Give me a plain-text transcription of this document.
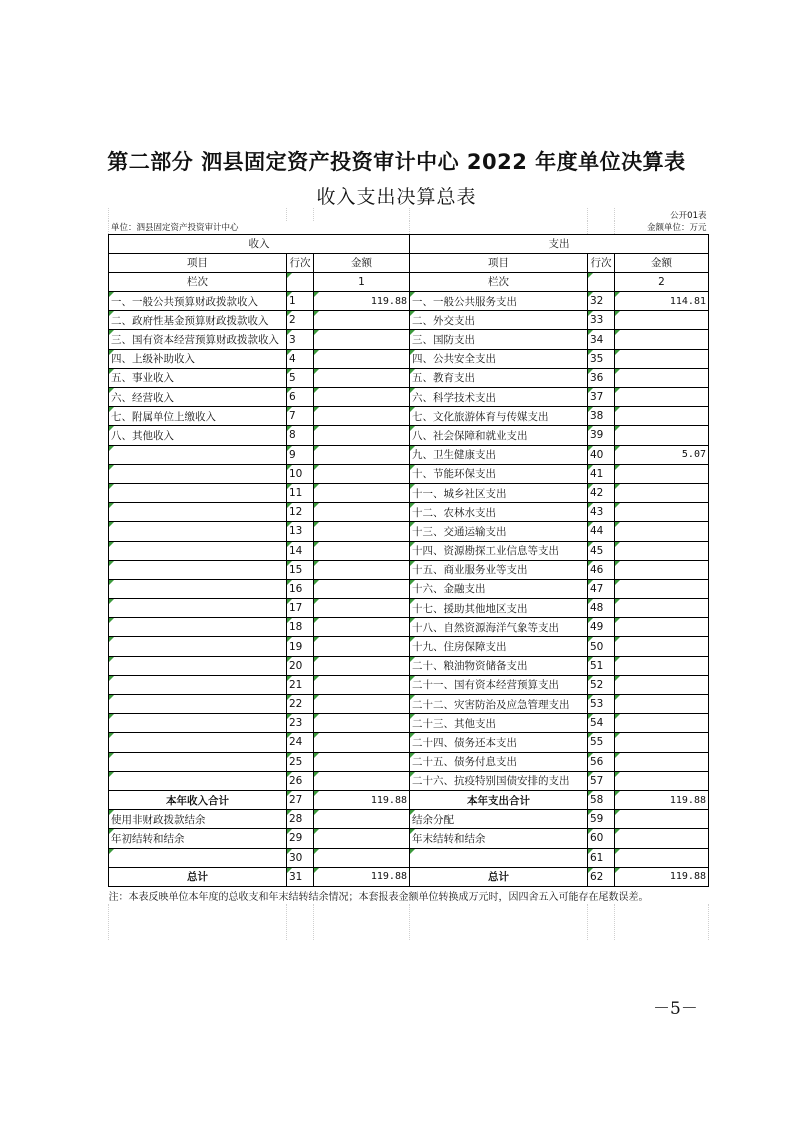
第二部分 泗县固定资产投资审计中心 2022 年度单位决算表
收入支出决算总表
					公开01表
单位：泗县固定资产投资审计中心					金额单位：万元
收入			支出		
项目	行次	金额	项目	行次	金额
栏次		1	栏次		2
一、一般公共预算财政拨款收入	1	119.88	一、一般公共服务支出	32	114.81
二、政府性基金预算财政拨款收入	2		二、外交支出	33	
三、国有资本经营预算财政拨款收入	3		三、国防支出	34	
四、上级补助收入	4		四、公共安全支出	35	
五、事业收入	5		五、教育支出	36	
六、经营收入	6		六、科学技术支出	37	
七、附属单位上缴收入	7		七、文化旅游体育与传媒支出	38	
八、其他收入	8		八、社会保障和就业支出	39	
	9		九、卫生健康支出	40	5.07
	10		十、节能环保支出	41	
	11		十一、城乡社区支出	42	
	12		十二、农林水支出	43	
	13		十三、交通运输支出	44	
	14		十四、资源勘探工业信息等支出	45	
	15		十五、商业服务业等支出	46	
	16		十六、金融支出	47	
	17		十七、援助其他地区支出	48	
	18		十八、自然资源海洋气象等支出	49	
	19		十九、住房保障支出	50	
	20		二十、粮油物资储备支出	51	
	21		二十一、国有资本经营预算支出	52	
	22		二十二、灾害防治及应急管理支出	53	
	23		二十三、其他支出	54	
	24		二十四、债务还本支出	55	
	25		二十五、债务付息支出	56	
	26		二十六、抗疫特别国债安排的支出	57	
本年收入合计	27	119.88	本年支出合计	58	119.88
使用非财政拨款结余	28		结余分配	59	
年初结转和结余	29		年末结转和结余	60	
	30			61	
总计	31	119.88	总计	62	119.88
注：本表反映单位本年度的总收支和年末结转结余情况；本套报表金额单位转换成万元时，因四舍五入可能存在尾数误差。					

－5－
